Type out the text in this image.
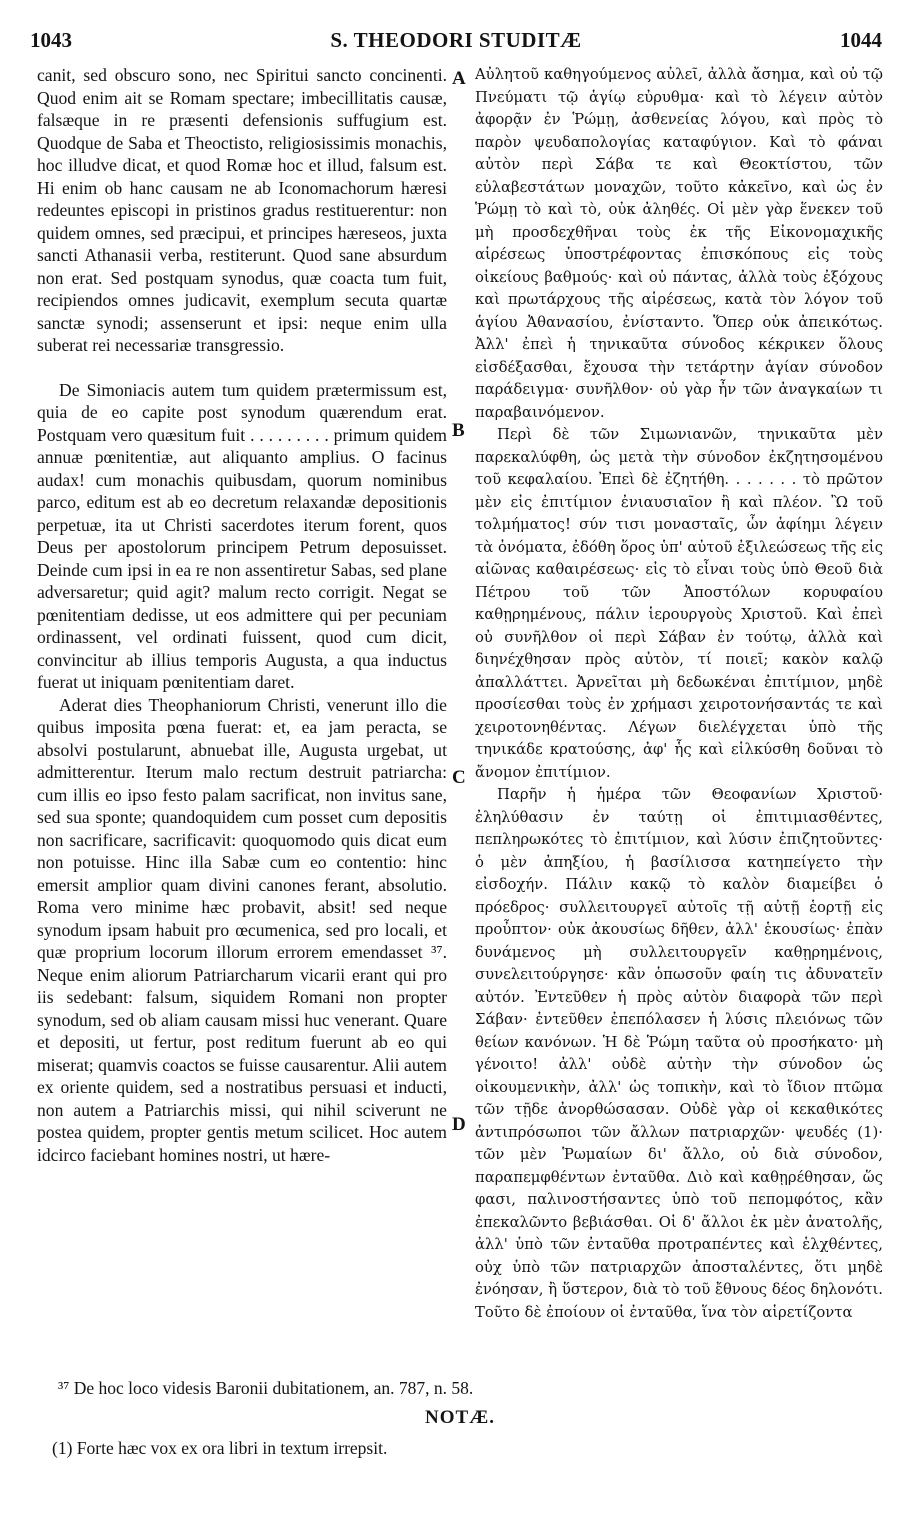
1043	S. THEODORI STUDITÆ	1044

canit, sed obscuro sono, nec Spiritui sancto concinenti. Quod enim ait se Romam spectare; imbecillitatis causæ, falsæque in re præsenti defensionis suffugium est. Quodque de Saba et Theoctisto, religiosissimis monachis, hoc illudve dicat, et quod Romæ hoc et illud, falsum est. Hi enim ob hanc causam ne ab Iconomachorum hæresi redeuntes episcopi in pristinos gradus restituerentur: non quidem omnes, sed præcipui, et principes hæreseos, juxta sancti Athanasii verba, restiterunt. Quod sane absurdum non erat. Sed postquam synodus, quæ coacta tum fuit, recipiendos omnes judicavit, exemplum secuta quartæ sanctæ synodi; assenserunt et ipsi: neque enim ulla suberat rei necessariæ transgressio.

De Simoniacis autem tum quidem prætermissum est, quia de eo capite post synodum quærendum erat. Postquam vero quæsitum fuit . . . . . . . . . primum quidem annuæ pœnitentiæ, aut aliquanto amplius. O facinus audax! cum monachis quibusdam, quorum nominibus parco, editum est ab eo decretum relaxandæ depositionis perpetuæ, ita ut Christi sacerdotes iterum forent, quos Deus per apostolorum principem Petrum deposuisset. Deinde cum ipsi in ea re non assentiretur Sabas, sed plane adversaretur; quid agit? malum recto corrigit. Negat se pœnitentiam dedisse, ut eos admittere qui per pecuniam ordinassent, vel ordinati fuissent, quod cum dicit, convincitur ab illius temporis Augusta, a qua inductus fuerat ut iniquam pœnitentiam daret.

Aderat dies Theophaniorum Christi, venerunt illo die quibus imposita pœna fuerat: et, ea jam peracta, se absolvi postularunt, abnuebat ille, Augusta urgebat, ut admitterentur. Iterum malo rectum destruit patriarcha: cum illis eo ipso festo palam sacrificat, non invitus sane, sed sua sponte; quandoquidem cum posset cum depositis non sacrificare, sacrificavit: quoquomodo quis dicat eum non potuisse. Hinc illa Sabæ cum eo contentio: hinc emersit amplior quam divini canones ferant, absolutio. Roma vero minime hæc probavit, absit! sed neque synodum ipsam habuit pro œcumenica, sed pro locali, et quæ proprium locorum illorum errorem emendasset ³⁷. Neque enim aliorum Patriarcharum vicarii erant qui pro iis sedebant: falsum, siquidem Romani non propter synodum, sed ob aliam causam missi huc venerant. Quare et depositi, ut fertur, post reditum fuerunt ab eo qui miserat; quamvis coactos se fuisse causarentur. Alii autem ex oriente quidem, sed a nostratibus persuasi et inducti, non autem a Patriarchis missi, qui nihil sciverunt ne postea quidem, propter gentis metum scilicet. Hoc autem idcirco faciebant homines nostri, ut hære-

A
B
C
D

Αὐλητοῦ καθηγούμενος αὐλεῖ, ἀλλὰ ἄσημα, καὶ οὐ τῷ Πνεύματι τῷ ἁγίῳ εὐρυθμα· καὶ τὸ λέγειν αὐτὸν ἀφορᾷν ἐν Ῥώμῃ, ἀσθενείας λόγου, καὶ πρὸς τὸ παρὸν ψευδαπολογίας καταφύγιον. Καὶ τὸ φάναι αὐτὸν περὶ Σάβα τε καὶ Θεοκτίστου, τῶν εὐλαβεστάτων μοναχῶν, τοῦτο κἀκεῖνο, καὶ ὡς ἐν Ῥώμῃ τὸ καὶ τὸ, οὐκ ἀληθές. Οἱ μὲν γὰρ ἕνεκεν τοῦ μὴ προσδεχθῆναι τοὺς ἐκ τῆς Εἰκονομαχικῆς αἱρέσεως ὑποστρέφοντας ἐπισκόπους εἰς τοὺς οἰκείους βαθμούς· καὶ οὐ πάντας, ἀλλὰ τοὺς ἐξόχους καὶ πρωτάρχους τῆς αἱρέσεως, κατὰ τὸν λόγον τοῦ ἁγίου Ἀθανασίου, ἐνίσταντο. Ὅπερ οὐκ ἀπεικότως. Ἀλλ' ἐπεὶ ἡ τηνικαῦτα σύνοδος κέκρικεν ὅλους εἰσδέξασθαι, ἔχουσα τὴν τετάρτην ἁγίαν σύνοδον παράδειγμα· συνῆλθον· οὐ γὰρ ἦν τῶν ἀναγκαίων τι παραβαινόμενον.

Περὶ δὲ τῶν Σιμωνιανῶν, τηνικαῦτα μὲν παρεκαλύφθη, ὡς μετὰ τὴν σύνοδον ἐκζητησομένου τοῦ κεφαλαίου. Ἐπεὶ δὲ ἐζητήθη. . . . . . . τὸ πρῶτον μὲν εἰς ἐπιτίμιον ἐνιαυσιαῖον ἢ καὶ πλέον. Ὢ τοῦ τολμήματος! σύν τισι μονασταῖς, ὧν ἀφίημι λέγειν τὰ ὀνόματα, ἐδόθη ὅρος ὑπ' αὐτοῦ ἐξιλεώσεως τῆς εἰς αἰῶνας καθαιρέσεως· εἰς τὸ εἶναι τοὺς ὑπὸ Θεοῦ διὰ Πέτρου τοῦ τῶν Ἀποστόλων κορυφαίου καθῃρημένους, πάλιν ἱερουργοὺς Χριστοῦ. Καὶ ἐπεὶ οὐ συνῆλθον οἱ περὶ Σάβαν ἐν τούτῳ, ἀλλὰ καὶ διηνέχθησαν πρὸς αὐτὸν, τί ποιεῖ; κακὸν καλῷ ἀπαλλάττει. Ἀρνεῖται μὴ δεδωκέναι ἐπιτίμιον, μηδὲ προσίεσθαι τοὺς ἐν χρήμασι χειροτονήσαντάς τε καὶ χειροτονηθέντας. Λέγων διελέγχεται ὑπὸ τῆς τηνικάδε κρατούσης, ἀφ' ἧς καὶ εἱλκύσθη δοῦναι τὸ ἄνομον ἐπιτίμιον.

Παρῆν ἡ ἡμέρα τῶν Θεοφανίων Χριστοῦ· ἐληλύθασιν ἐν ταύτῃ οἱ ἐπιτιμιασθέντες, πεπληρωκότες τὸ ἐπιτίμιον, καὶ λύσιν ἐπιζητοῦντες· ὁ μὲν ἀπηξίου, ἡ βασίλισσα κατηπείγετο τὴν εἰσδοχήν. Πάλιν κακῷ τὸ καλὸν διαμείβει ὁ πρόεδρος· συλλειτουργεῖ αὐτοῖς τῇ αὐτῇ ἑορτῇ εἰς προὖπτον· οὐκ ἀκουσίως δῆθεν, ἀλλ' ἑκουσίως· ἐπὰν δυνάμενος μὴ συλλειτουργεῖν καθῃρημένοις, συνελειτούργησε· κἂν ὁπωσοῦν φαίη τις ἀδυνατεῖν αὐτόν. Ἐντεῦθεν ἡ πρὸς αὐτὸν διαφορὰ τῶν περὶ Σάβαν· ἐντεῦθεν ἐπεπόλασεν ἡ λύσις πλειόνως τῶν θείων κανόνων. Ἡ δὲ Ῥώμη ταῦτα οὐ προσήκατο· μὴ γένοιτο! ἀλλ' οὐδὲ αὐτὴν τὴν σύνοδον ὡς οἰκουμενικὴν, ἀλλ' ὡς τοπικὴν, καὶ τὸ ἴδιον πτῶμα τῶν τῇδε ἀνορθώσασαν. Οὐδὲ γὰρ οἱ κεκαθικότες ἀντιπρόσωποι τῶν ἄλλων πατριαρχῶν· ψευδές (1)· τῶν μὲν Ῥωμαίων δι' ἄλλο, οὐ διὰ σύνοδον, παραπεμφθέντων ἐνταῦθα. Διὸ καὶ καθῃρέθησαν, ὥς φασι, παλινοστήσαντες ὑπὸ τοῦ πεπομφότος, κἂν ἐπεκαλῶντο βεβιάσθαι. Οἱ δ' ἄλλοι ἐκ μὲν ἀνατολῆς, ἀλλ' ὑπὸ τῶν ἐνταῦθα προτραπέντες καὶ ἑλχθέντες, οὐχ ὑπὸ τῶν πατριαρχῶν ἀποσταλέντες, ὅτι μηδὲ ἐνόησαν, ἢ ὕστερον, διὰ τὸ τοῦ ἔθνους δέος δηλονότι. Τοῦτο δὲ ἐποίουν οἱ ἐνταῦθα, ἵνα τὸν αἱρετίζοντα

³⁷ De hoc loco videsis Baronii dubitationem, an. 787, n. 58.
NOTÆ.
(1) Forte hæc vox ex ora libri in textum irrepsit.
